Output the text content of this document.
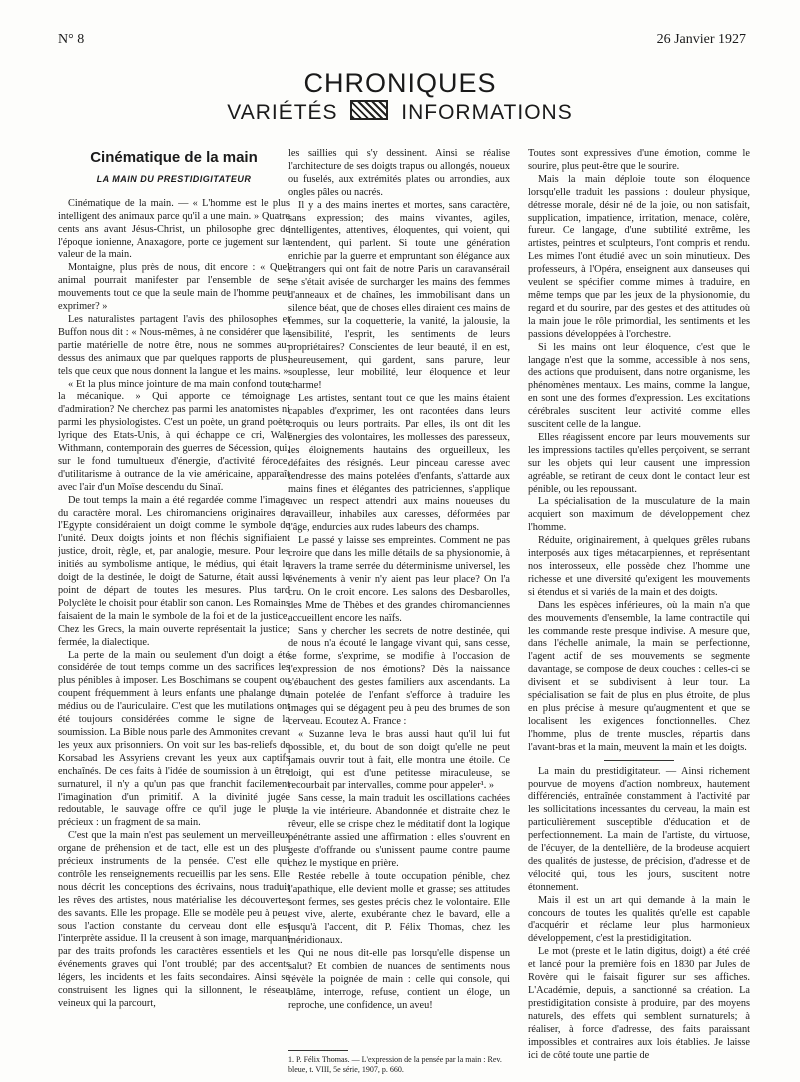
N° 8	26 Janvier 1927
CHRONIQUES
VARIÉTÉS	INFORMATIONS
Cinématique de la main
LA MAIN DU PRESTIDIGITATEUR

Cinématique de la main. — « L'homme est le plus intelligent des animaux parce qu'il a une main. » Quatre cents ans avant Jésus-Christ, un philosophe grec de l'époque ionienne, Anaxagore, porte ce jugement sur la valeur de la main.

Montaigne, plus près de nous, dit encore : « Quel animal pourrait manifester par l'ensemble de ses mouvements tout ce que la seule main de l'homme peut exprimer? »

Les naturalistes partagent l'avis des philosophes et Buffon nous dit : « Nous-mêmes, à ne considérer que la partie matérielle de notre être, nous ne sommes au-dessus des animaux que par quelques rapports de plus, tels que ceux que nous donnent la langue et les mains. »

« Et la plus mince jointure de ma main confond toute la mécanique. » Qui apporte ce témoignage d'admiration? Ne cherchez pas parmi les anatomistes ni parmi les physiologistes. C'est un poète, un grand poète lyrique des Etats-Unis, à qui échappe ce cri, Walt Withmann, contemporain des guerres de Sécession, qui, sur le fond tumultueux d'énergie, d'activité féroce, d'utilitarisme à outrance de la vie américaine, apparaît avec l'air d'un Moïse descendu du Sinaï.

De tout temps la main a été regardée comme l'image du caractère moral. Les chiromanciens originaires de l'Egypte considéraient un doigt comme le symbole de l'unité. Deux doigts joints et non fléchis signifiaient justice, droit, règle, et, par analogie, mesure. Pour les initiés au symbolisme antique, le médius, qui était le doigt de la destinée, le doigt de Saturne, était aussi le point de départ de toutes les mesures. Plus tard Polyclète le choisit pour établir son canon. Les Romains faisaient de la main le symbole de la foi et de la justice. Chez les Grecs, la main ouverte représentait la justice; fermée, la dialectique.

La perte de la main ou seulement d'un doigt a été considérée de tout temps comme un des sacrifices les plus pénibles à imposer. Les Boschimans se coupent ou coupent fréquemment à leurs enfants une phalange du médius ou de l'auriculaire. C'est que les mutilations ont été toujours considérées comme le signe de la soumission. La Bible nous parle des Ammonites crevant les yeux aux prisonniers. On voit sur les bas-reliefs de Korsabad les Assyriens crevant les yeux aux captifs enchaînés. De ces faits à l'idée de soumission à un être surnaturel, il n'y a qu'un pas que franchit facilement l'imagination d'un primitif. A la divinité jugée redoutable, le sauvage offre ce qu'il juge le plus précieux : un fragment de sa main.

C'est que la main n'est pas seulement un merveilleux organe de préhension et de tact, elle est un des plus précieux instruments de la pensée. C'est elle qui contrôle les renseignements recueillis par les sens. Elle nous décrit les conceptions des écrivains, nous traduit les rêves des artistes, nous matérialise les découvertes des savants. Elle les propage. Elle se modèle peu à peu, sous l'action constante du cerveau dont elle est l'interprète assidue. Il la creusent à son image, marquant par des traits profonds les caractères essentiels et les événements graves qui l'ont troublé; par des accents légers, les incidents et les faits secondaires. Ainsi se construisent les lignes qui la sillonnent, le réseau veineux qui la parcourt,

les saillies qui s'y dessinent. Ainsi se réalise l'architecture de ses doigts trapus ou allongés, noueux ou fuselés, aux extrémités plates ou arrondies, aux ongles pâles ou nacrés.

Il y a des mains inertes et mortes, sans caractère, sans expression; des mains vivantes, agiles, intelligentes, attentives, éloquentes, qui voient, qui entendent, qui parlent. Si toute une génération enrichie par la guerre et empruntant son élégance aux étrangers qui ont fait de notre Paris un caravansérail ne s'était avisée de surcharger les mains des femmes d'anneaux et de chaînes, les immobilisant dans un silence béat, que de choses elles diraient ces mains de femmes, sur la coquetterie, la vanité, la jalousie, la sensibilité, l'esprit, les sentiments de leurs propriétaires? Conscientes de leur beauté, il en est, heureusement, qui gardent, sans parure, leur souplesse, leur mobilité, leur éloquence et leur charme!

Les artistes, sentant tout ce que les mains étaient capables d'exprimer, les ont racontées dans leurs croquis ou leurs portraits. Par elles, ils ont dit les énergies des volontaires, les mollesses des paresseux, les éloignements hautains des orgueilleux, les défaites des résignés. Leur pinceau caresse avec tendresse des mains potelées d'enfants, s'attarde aux mains fines et élégantes des patriciennes, s'applique avec un respect attendri aux mains noueuses du travailleur, inhabiles aux caresses, déformées par l'âge, endurcies aux rudes labeurs des champs.

Le passé y laisse ses empreintes. Comment ne pas croire que dans les mille détails de sa physionomie, à travers la trame serrée du déterminisme universel, les événements à venir n'y aient pas leur place? On l'a cru. On le croit encore. Les salons des Desbarolles, des Mme de Thèbes et des grandes chiromanciennes accueillent encore les naïfs.

Sans y chercher les secrets de notre destinée, qui de nous n'a écouté le langage vivant qui, sans cesse, se forme, s'exprime, se modifie à l'occasion de l'expression de nos émotions? Dès la naissance s'ébauchent des gestes familiers aux ascendants. La main potelée de l'enfant s'efforce à traduire les images qui se dégagent peu à peu des brumes de son cerveau. Ecoutez A. France :

« Suzanne leva le bras aussi haut qu'il lui fut possible, et, du bout de son doigt qu'elle ne peut jamais ouvrir tout à fait, elle montra une étoile. Ce doigt, qui est d'une petitesse miraculeuse, se recourbait par intervalles, comme pour appeler¹. »

Sans cesse, la main traduit les oscillations cachées de la vie intérieure. Abandonnée et distraite chez le rêveur, elle se crispe chez le méditatif dont la logique pénétrante assied une affirmation : elles s'ouvrent en geste d'offrande ou s'unissent paume contre paume chez le mystique en prière.

Restée rebelle à toute occupation pénible, chez l'apathique, elle devient molle et grasse; ses attitudes sont fermes, ses gestes précis chez le volontaire. Elle est vive, alerte, exubérante chez le bavard, elle a jusqu'à l'accent, dit P. Félix Thomas, chez les méridionaux.

Qui ne nous dit-elle pas lorsqu'elle dispense un salut? Et combien de nuances de sentiments nous révèle la poignée de main : celle qui console, qui blâme, interroge, refuse, contient un éloge, un reproche, une confidence, un aveu!

1. P. Félix Thomas. — L'expression de la pensée par la main : Rev. bleue, t. VIII, 5e série, 1907, p. 660.

Toutes sont expressives d'une émotion, comme le sourire, plus peut-être que le sourire.

Mais la main déploie toute son éloquence lorsqu'elle traduit les passions : douleur physique, détresse morale, désir né de la joie, ou non satisfait, supplication, impatience, irritation, menace, colère, fureur. Ce langage, d'une subtilité extrême, les artistes, peintres et sculpteurs, l'ont compris et rendu. Les mimes l'ont étudié avec un soin minutieux. Des professeurs, à l'Opéra, enseignent aux danseuses qui veulent se spécifier comme mimes à traduire, en même temps que par les jeux de la physionomie, du regard et du sourire, par des gestes et des attitudes où la main joue le rôle primordial, les sentiments et les passions développées à l'orchestre.

Si les mains ont leur éloquence, c'est que le langage n'est que la somme, accessible à nos sens, des actions que produisent, dans notre organisme, les phénomènes mentaux. Les mains, comme la langue, en sont une des formes d'expression. Les excitations cérébrales suscitent leur activité comme elles suscitent celle de la langue.

Elles réagissent encore par leurs mouvements sur les impressions tactiles qu'elles perçoivent, se serrant sur les objets qui leur causent une impression agréable, se retirant de ceux dont le contact leur est pénible, ou les repoussant.

La spécialisation de la musculature de la main acquiert son maximum de développement chez l'homme.

Réduite, originairement, à quelques grêles rubans interposés aux tiges métacarpiennes, et représentant nos interosseux, elle possède chez l'homme une richesse et une diversité qu'exigent les mouvements si étendus et si variés de la main et des doigts.

Dans les espèces inférieures, où la main n'a que des mouvements d'ensemble, la lame contractile qui les commande reste presque indivise. A mesure que, dans l'échelle animale, la main se perfectionne, l'agent actif de ses mouvements se segmente davantage, se compose de deux couches : celles-ci se divisent et se subdivisent à leur tour. La spécialisation se fait de plus en plus étroite, de plus en plus précise à mesure qu'augmentent et que se localisent les exigences fonctionnelles. Chez l'homme, plus de trente muscles, répartis dans l'avant-bras et la main, meuvent la main et les doigts.

La main du prestidigitateur. — Ainsi richement pourvue de moyens d'action nombreux, hautement différenciés, entraînée constamment à l'activité par les sollicitations incessantes du cerveau, la main est particulièrement susceptible d'éducation et de perfectionnement. La main de l'artiste, du virtuose, de l'écuyer, de la dentellière, de la brodeuse acquiert des qualités de justesse, de précision, d'adresse et de vélocité qui, tous les jours, suscitent notre étonnement.

Mais il est un art qui demande à la main le concours de toutes les qualités qu'elle est capable d'acquérir et réclame leur plus harmonieux développement, c'est la prestidigitation.

Le mot (preste et le latin digitus, doigt) a été créé et lancé pour la première fois en 1830 par Jules de Rovère qui le faisait figurer sur ses affiches. L'Académie, depuis, a sanctionné sa création. La prestidigitation consiste à produire, par des moyens naturels, des effets qui semblent surnaturels; à réaliser, à force d'adresse, des faits paraissant impossibles et contraires aux lois établies. Je laisse ici de côté toute une partie de
